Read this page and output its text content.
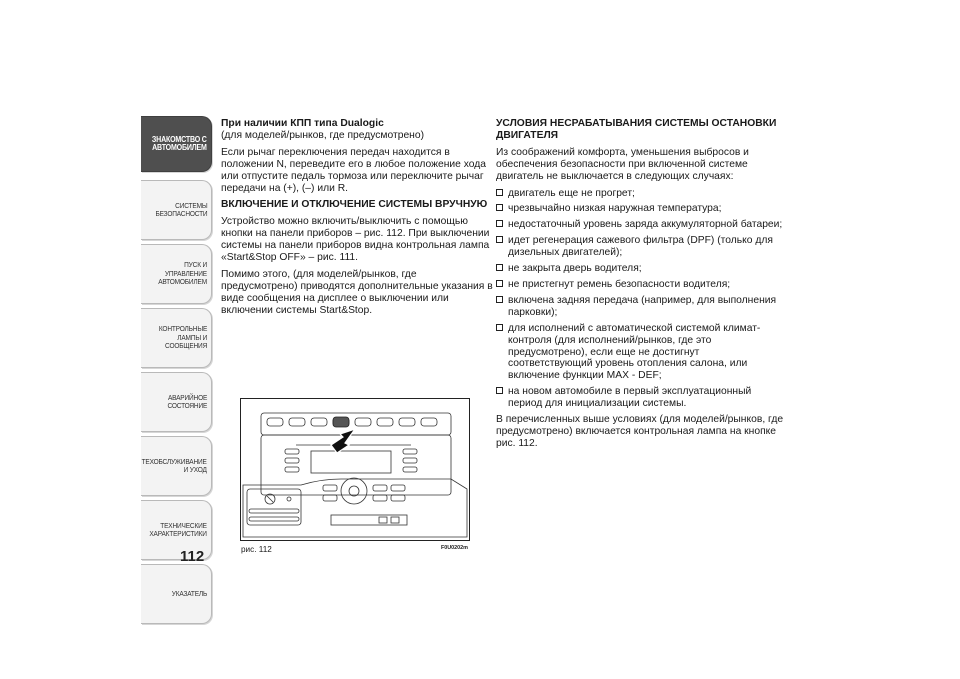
ЗНАКОМСТВО С
АВТОМОБИЛЕМ
СИСТЕМЫ
БЕЗОПАСНОСТИ
ПУСК И УПРАВЛЕНИЕ
АВТОМОБИЛЕМ
КОНТРОЛЬНЫЕ
ЛАМПЫ И
СООБЩЕНИЯ
АВАРИЙНОЕ
СОСТОЯНИЕ
ТЕХОБСЛУЖИВАНИЕ
И УХОД
ТЕХНИЧЕСКИЕ
ХАРАКТЕРИСТИКИ
УКАЗАТЕЛЬ
112
При наличии КПП типа Dualogic

(для моделей/рынков, где предусмотрено)

Если рычаг переключения передач находится в положении N, переведите его в любое положение хода или отпустите педаль тормоза или переключите рычаг передачи на (+), (–) или R.

ВКЛЮЧЕНИЕ И ОТКЛЮЧЕНИЕ СИСТЕМЫ ВРУЧНУЮ

Устройство можно включить/выключить с помощью кнопки на панели приборов – рис. 112. При выключении системы на панели приборов видна контрольная лампа «Start&Stop OFF» – рис. 111.

Помимо этого, (для моделей/рынков, где предусмотрено) приводятся дополнительные указания в виде сообщения на дисплее о выключении или включении системы Start&Stop.

УСЛОВИЯ НЕСРАБАТЫВАНИЯ СИСТЕМЫ ОСТАНОВКИ ДВИГАТЕЛЯ

Из соображений комфорта, уменьшения выбросов и обеспечения безопасности при включенной системе двигатель не выключается в следующих случаях:

двигатель еще не прогрет;
чрезвычайно низкая наружная температура;
недостаточный уровень заряда аккумуляторной батареи;
идет регенерация сажевого фильтра (DPF) (только для дизельных двигателей);
не закрыта дверь водителя;
не пристегнут ремень безопасности водителя;
включена задняя передача (например, для выполнения парковки);
для исполнений с автоматической системой климат-контроля (для исполнений/рынков, где это предусмотрено), если еще не достигнут соответствующий уровень отопления салона, или включение функции MAX - DEF;
на новом автомобиле в первый эксплуатационный период для инициализации системы.

В перечисленных выше условиях (для моделей/рынков, где предусмотрено) включается контрольная лампа на кнопке рис. 112.

рис. 112	F0U0202m
